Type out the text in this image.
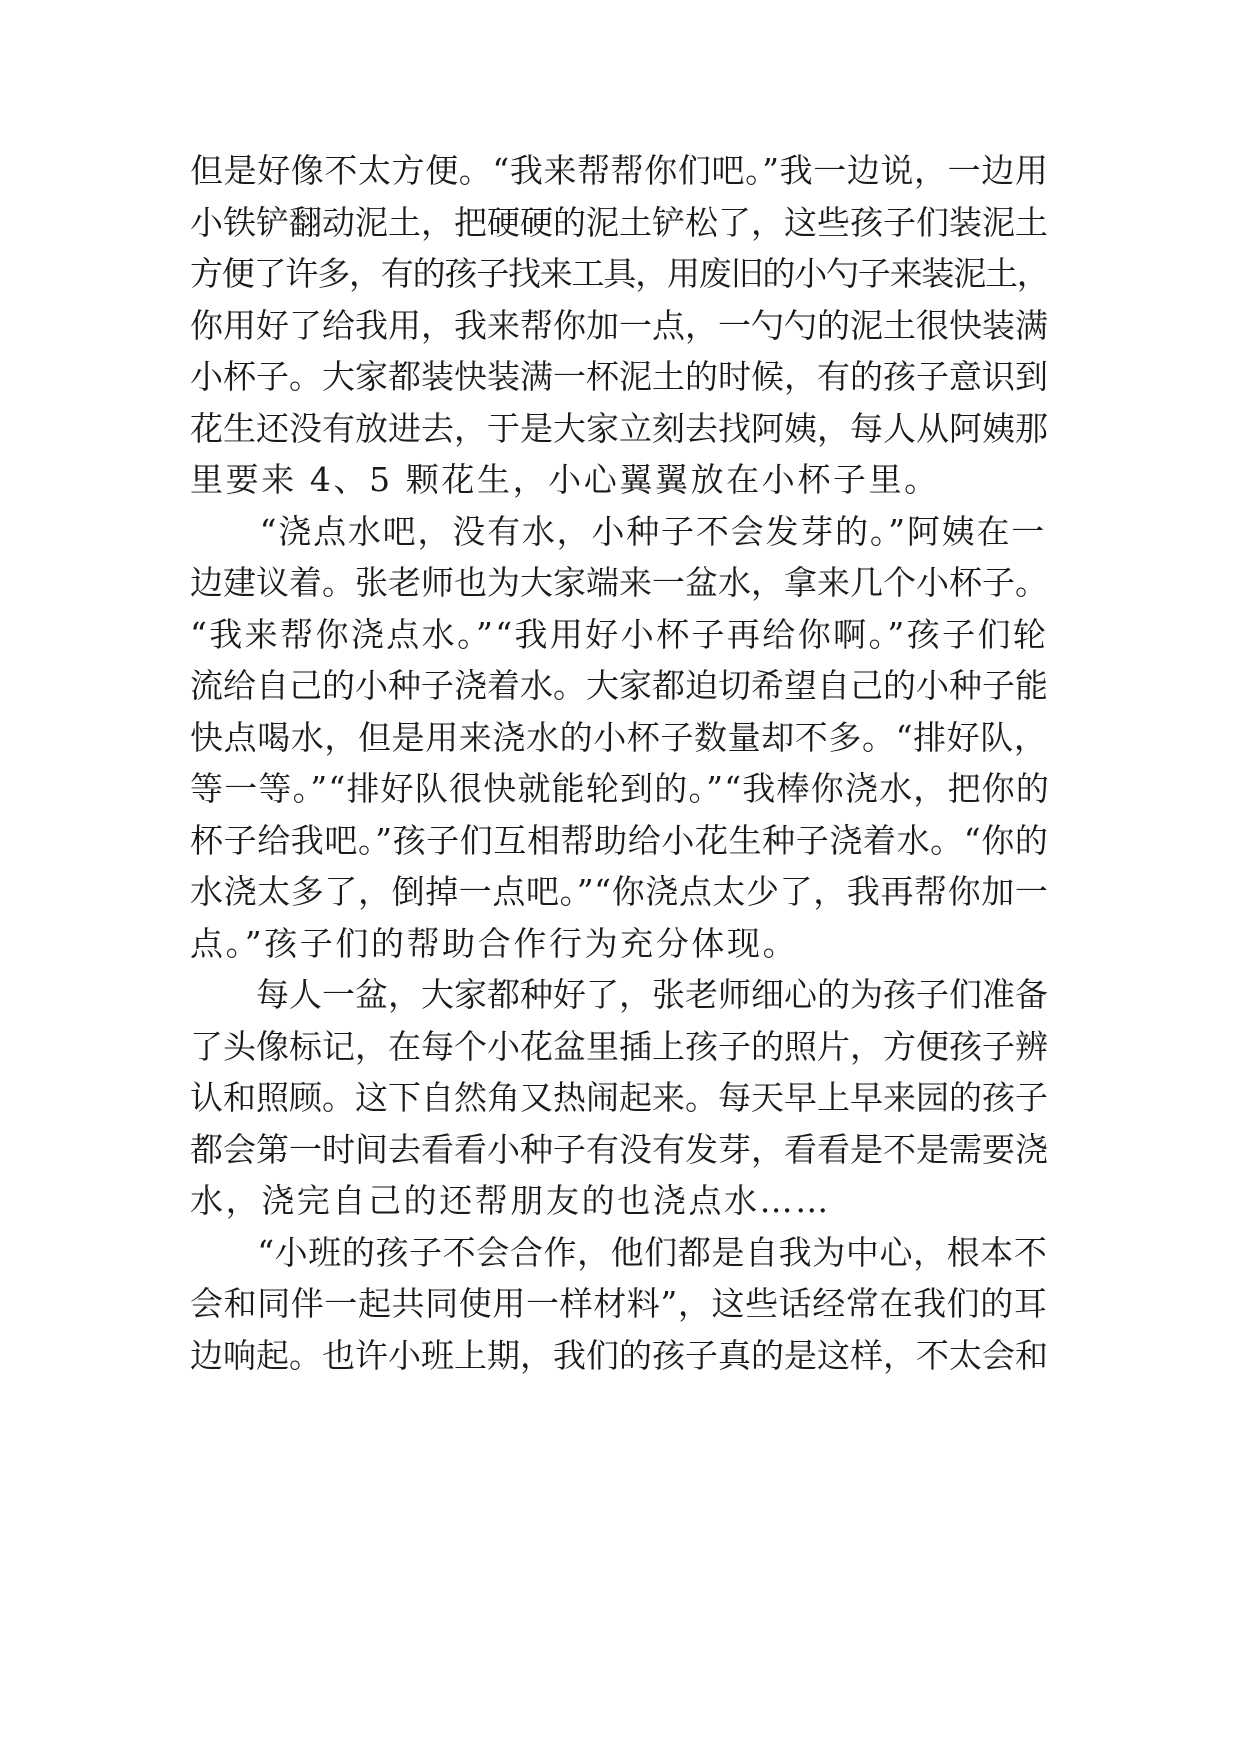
但是好像不太方便。“我来帮帮你们吧。”我一边说，一边用
小铁铲翻动泥土，把硬硬的泥土铲松了，这些孩子们装泥土
方便了许多，有的孩子找来工具，用废旧的小勺子来装泥土，
你用好了给我用，我来帮你加一点，一勺勺的泥土很快装满
小杯子。大家都装快装满一杯泥土的时候，有的孩子意识到
花生还没有放进去，于是大家立刻去找阿姨，每人从阿姨那
里要来 4、5 颗花生，小心翼翼放在小杯子里。
　　“浇点水吧，没有水，小种子不会发芽的。”阿姨在一
边建议着。张老师也为大家端来一盆水，拿来几个小杯子。
“我来帮你浇点水。”“我用好小杯子再给你啊。”孩子们轮
流给自己的小种子浇着水。大家都迫切希望自己的小种子能
快点喝水，但是用来浇水的小杯子数量却不多。“排好队，
等一等。”“排好队很快就能轮到的。”“我棒你浇水，把你的
杯子给我吧。”孩子们互相帮助给小花生种子浇着水。“你的
水浇太多了，倒掉一点吧。”“你浇点太少了，我再帮你加一
点。”孩子们的帮助合作行为充分体现。
　　每人一盆，大家都种好了，张老师细心的为孩子们准备
了头像标记，在每个小花盆里插上孩子的照片，方便孩子辨
认和照顾。这下自然角又热闹起来。每天早上早来园的孩子
都会第一时间去看看小种子有没有发芽，看看是不是需要浇
水，浇完自己的还帮朋友的也浇点水……
　　“小班的孩子不会合作，他们都是自我为中心，根本不
会和同伴一起共同使用一样材料”，这些话经常在我们的耳
边响起。也许小班上期，我们的孩子真的是这样，不太会和
